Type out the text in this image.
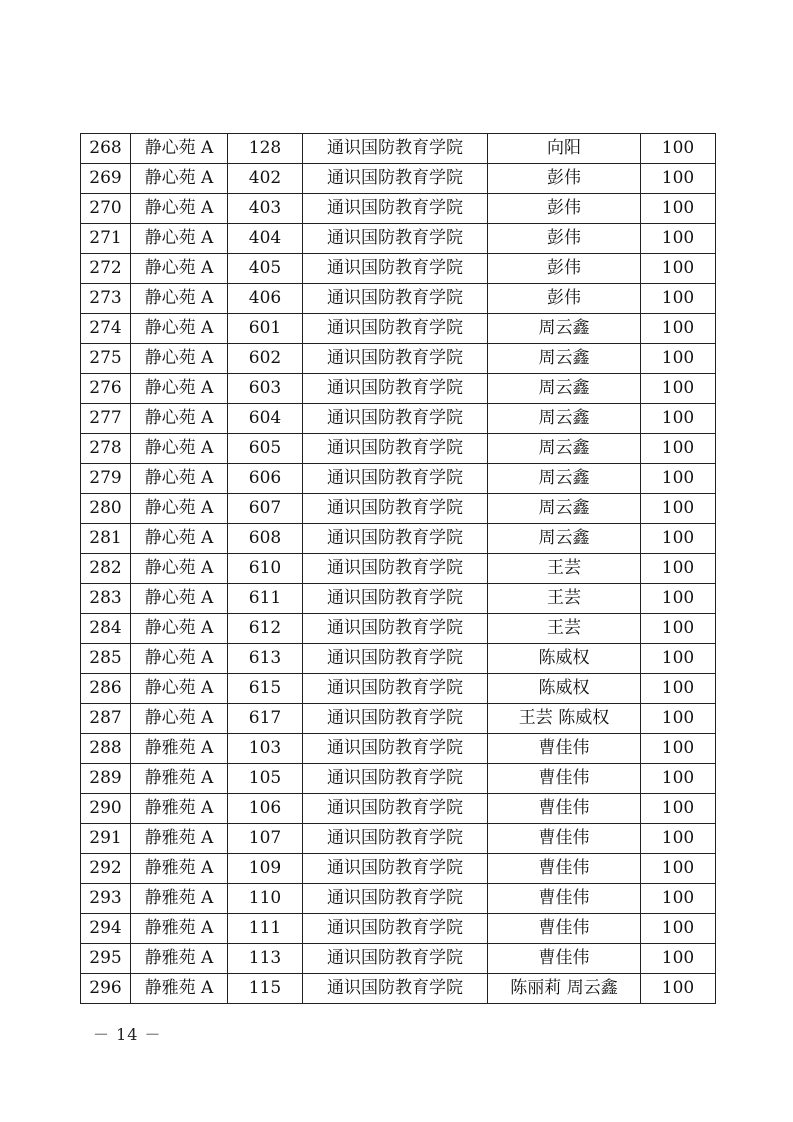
268	静心苑 A	128	通识国防教育学院	向阳	100
269	静心苑 A	402	通识国防教育学院	彭伟	100
270	静心苑 A	403	通识国防教育学院	彭伟	100
271	静心苑 A	404	通识国防教育学院	彭伟	100
272	静心苑 A	405	通识国防教育学院	彭伟	100
273	静心苑 A	406	通识国防教育学院	彭伟	100
274	静心苑 A	601	通识国防教育学院	周云鑫	100
275	静心苑 A	602	通识国防教育学院	周云鑫	100
276	静心苑 A	603	通识国防教育学院	周云鑫	100
277	静心苑 A	604	通识国防教育学院	周云鑫	100
278	静心苑 A	605	通识国防教育学院	周云鑫	100
279	静心苑 A	606	通识国防教育学院	周云鑫	100
280	静心苑 A	607	通识国防教育学院	周云鑫	100
281	静心苑 A	608	通识国防教育学院	周云鑫	100
282	静心苑 A	610	通识国防教育学院	王芸	100
283	静心苑 A	611	通识国防教育学院	王芸	100
284	静心苑 A	612	通识国防教育学院	王芸	100
285	静心苑 A	613	通识国防教育学院	陈威权	100
286	静心苑 A	615	通识国防教育学院	陈威权	100
287	静心苑 A	617	通识国防教育学院	王芸 陈威权	100
288	静雅苑 A	103	通识国防教育学院	曹佳伟	100
289	静雅苑 A	105	通识国防教育学院	曹佳伟	100
290	静雅苑 A	106	通识国防教育学院	曹佳伟	100
291	静雅苑 A	107	通识国防教育学院	曹佳伟	100
292	静雅苑 A	109	通识国防教育学院	曹佳伟	100
293	静雅苑 A	110	通识国防教育学院	曹佳伟	100
294	静雅苑 A	111	通识国防教育学院	曹佳伟	100
295	静雅苑 A	113	通识国防教育学院	曹佳伟	100
296	静雅苑 A	115	通识国防教育学院	陈丽莉 周云鑫	100
－ 14 －
